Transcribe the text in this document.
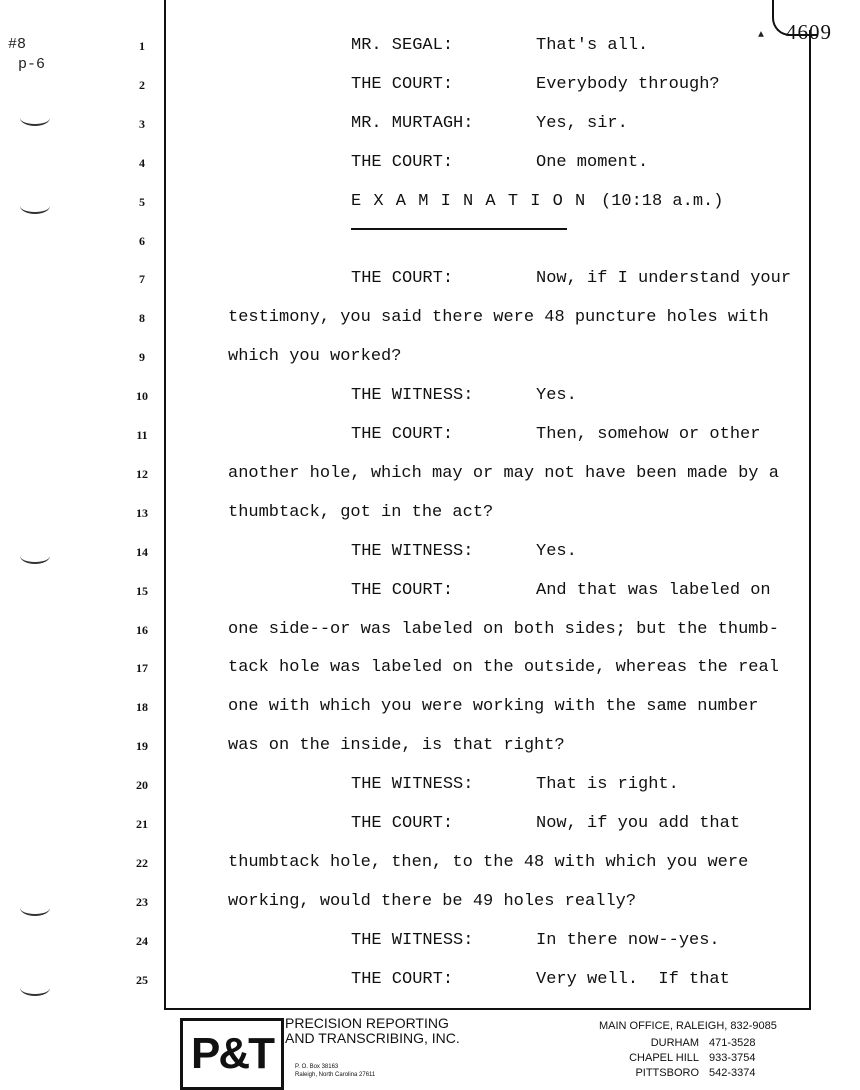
#8
p-6
▲ 4609
1	MR. SEGAL:	That's all.
2	THE COURT:	Everybody through?
3	MR. MURTAGH:	Yes, sir.
4	THE COURT:	One moment.
5	E X A M I N A T I O N (10:18 a.m.)
6
7	THE COURT:	Now, if I understand your
8	testimony, you said there were 48 puncture holes with
9	which you worked?
10	THE WITNESS:	Yes.
11	THE COURT:	Then, somehow or other
12	another hole, which may or may not have been made by a
13	thumbtack, got in the act?
14	THE WITNESS:	Yes.
15	THE COURT:	And that was labeled on
16	one side--or was labeled on both sides; but the thumb-
17	tack hole was labeled on the outside, whereas the real
18	one with which you were working with the same number
19	was on the inside, is that right?
20	THE WITNESS:	That is right.
21	THE COURT:	Now, if you add that
22	thumbtack hole, then, to the 48 with which you were
23	working, would there be 49 holes really?
24	THE WITNESS:	In there now--yes.
25	THE COURT:	Very well.  If that
P&T
PRECISION REPORTING
AND TRANSCRIBING, INC.
P. O. Box 38163
Raleigh, North Carolina 27611
MAIN OFFICE, RALEIGH, 832-9085
DURHAM 471-3528
CHAPEL HILL 933-3754
PITTSBORO 542-3374
